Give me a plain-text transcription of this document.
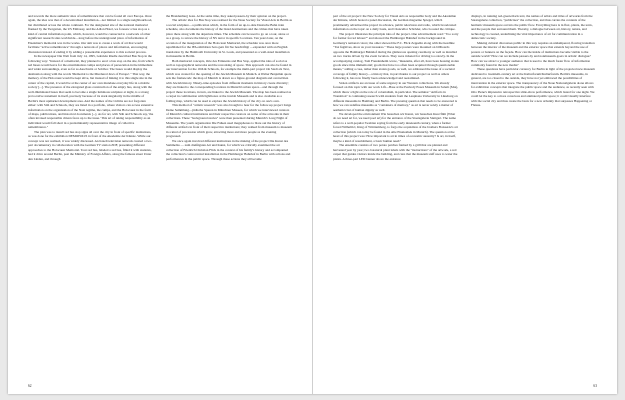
and towards the more authentic sites of remembrance that can be found all over Europe. Once again, the idea was that of a decentralised installation—not limited to a single neighbourhood, but distributed across the whole continent. For the designated site of the national memorial flanked by the Tiergarten, the US Embassy, and the Adlon Hotel, we foresaw a bus stop as a kind of central information point, which, however, would be connected to a network of other significant research sites worldwide—long before the underground place of information of Eisenman's memorial was in the works. Our aim was to create a work of art that would facilitate "active remembrance" through a network of places and information, encouraging discussion instead of ending it by adding a presentable experience to this societal process.

In the newspaper Die Welt from July 14, 1995, Gabriele Riedle described Bus Stop in the following way: "Instead of a memorial, they planned to erect a bus stop on the site, from which red buses would leave for the extermination camps and places of persecution in the immediate and wider surroundings, even as far as Auschwitz or Sobibor. The buses would display the destination along with the words 'Memorial to the Murdered Jews of Europe'." That way, the memory of the Holocaust would be kept alive, but instead of linking it to this single site in the center of the capital, it would be at the center of our own mundane everyday life in a mobile society [...]. The presence of the elongated glass construction of the empty bus, along with the well-illuminated buses that seem to become a single luminous sculpture at night, is a strong provocative statement in itself, precisely because of its stark singularity in the middle of Berlin's most upmarket development area. And the names of the victims are not forgotten either: with Stih and Schnock, they are listed in a portfolio, where visitors can access extensive information on the organisation of the Nazi regime, the camps, and the Holocaust in the form of maps, publications, and historical documents [...]. As for art, with Stih and Schnock say, 'the often invoked responsible citizen faces up to the issue.' This art of taking responsibility as an individual would fall short in a predominantly representative image of collective remembrance."

The plan was to install red bus stop signs all over the city in front of specific institutions, as was done for the exhibition DEMOPOLIS in front of the Akademie der Künste. While our concept was not realised, it was widely discussed. An Israeli television network created a two-part documentary in collaboration with the German TV station ZDF, presenting different approaches to the Holocaust Memorial. Tour red bus, labeled a red bus, filled it with students, had it drive around Berlin, past the Ministry of Foreign Affairs, along the famous street Unter den Linden, and through

the Brandenburg Gate. At the same time, they asked passers-by their opinion on the project.

The artistic idea for Bus Stop was realised for the Neue Society for Visual Arts in Berlin as a social sculpture—a publication which, in the form of an up-to-date Deutsche Bahn train schedule, also documents the history of the listed destinations and the crimes that have taken place there along with the departure times. The schedule can be used to go on a tour, alone or as a group, to retrace the history of NS terror in specific locations. Ten years later, on the occasion of the inauguration of the Holocaust Memorial, the schedule was once more republished for the IFA exhibition Sera gern für Sie beschäftigt —expanded with an English translation by the Humboldt University in St. Louis, and presented as a wall-sized installation in museums in Berlin.

Both memorial concepts, Orte des Erinnerns and Bus Stop, applied the idea of social as well as topographical networks and the reworking of space. This approach can also be found in our intervention for the 16th & Schnock, for example the multi-part project On Stadt als Text, which was created for the opening of the Jewish Museum in Munich. A Walter Benjamin quote sets the framework: the map of Munich is drawn as a figure-ground diagram and overwritten with Jewish history. Ninety-nine episodes from different moments in history create diversity; they are linked to the corresponding locations in Munich's urban space—and through the project these locations, in turn, are linked to the Jewish Museum. The map has been realised as a carpet in combination with lightboxes at the Jewish Museum and is also available as a folding map, which can be used to explore the Jewish history of the city on one's own.

This method of "artistic research" was also brought to bear for the follow-up project Zeige Deine Sammlung—jüdische Spuren in Münchner Museen, for which we interviewed curators of Munich's cultural institutions and their respective curators on some of the artworks in their collections. These "background stories" were then presented during Munich's Long Night of Museums. The youth organisation Die Falken used megaphones to blare out the history of different artifacts in front of their respective institutions; they walked from museum to museum in a kind of procession which grew, attracting more and more people as the evening progressed.

We once again involved different institutions in the making of the project Die Kunst des Sammelns — zum dreißigsten Art und Kunst, for which we critically examined the art collection of Friedrich Christian Flick in the context of his family's history and accompanied the collection's controversial installation in the Hamburger Bahnhof in Berlin with actions and performances in the public space. Through these actions they all became

62

part of the art project: the New Society for Visual Arts as responsible body and the Akademie der Künste, which hosted a panel discussion, the German magazine Spiegel, which prominently advertised the project in advance, public television and radio, which broadcasted information on the topic on a daily basis, and Chancellor Schröder, who boosted the critique.

The project illustrates the principle idea of the project. One advertisement read: "Too sorry for former forced labour?" and showed the Hamburger Bahnhof in the background in Germany's national colors; the other showed the F.C. Flick Zeppelin along with the headline "Tax fugitives, show us your treasures." These large posters were mounted on billboards opposite the Hamburger Bahnhof during the glamorous opening ceremony as well as installed on two trucks driven by the event location. They were ticketed for driving too slowly. In the accompanying catalog, Tom Freudenheim wrote, "museums, after all, have been housing stolen goods since time immemorial; goods that have too often been acquired through questionable means," adding a case, rather than stolen goods, as well, we addressed the issue of a societal coverage of family history—a history that, in part thanks to our project as well as others following it, has now finally been acknowledged and reexamined.

Stolen artifacts are an issue of some urgency in our Western collections. We already focused on this topic with our work Lift—Base at the Peabody Essex Museum in Salem (MA), which threw a light on the role of colonialism, in particular. The seminar "Artifacts in Transition" is continuing research with students from the Leuphana University in Lüneburg on different museums in Hamburg and Berlin. The pressing question that needs to be answered is how we can redefine museums as "containers of memory," as art is never solely a matter of aesthetics but of human dignity as well.

We developed the environment Wie besuchen wir Kunst, wir besuchen Kurz/film (What do we need art for, we need pool art) for the entrance of the Staatsgalerie Stuttgart. The name refers to a well-popular Swabian saying from the early nineteenth century, when a farmer forced Wilhelm I, King of Württemberg, to forgo the acquisition of the brothers Boisserée's art collection (which can today be found in the Alte Pinakothek in Munich). The question at the heart of this project was: How important is art in times of economic austerity? Is art, in itself, maybe a kind of nourishment, a basic human need?

The ensemble consists of two potato patches framed by a grill that are planted and harvested year by year; two botanical plant labels with the "instructions" of the artwork, a red carpet that guides visitors inside the building, and cans that the museum staff uses to water the plants. A three-part LED banner above the entrance

displays, in running red-green-black text, the names of artists and titles of artworks from the Staatsgalerie collection, "publicizes" the collection, and thus carries the contents of the hermetic museum space out into the public flow. Everything here is in flux, plants, the texts, and the people that surround them. Thereby, a dialogue between art, history, nature, and technology is created, underlining the vital importance of art for communication in a democratic society.

Making cultural discourses public in this way requires an unhampered, flowing transition between the interior of the museum and the exterior space that extends beyond the use of posters or banners on the façade. How can the inside of institutions become visible to the outside world? How can we include passers-by and nonmuseum-goers in artistic dialogue? How can we attract a younger audience that is used to the much faster flow of information commonly found in the new media?

These questions have particular currency for Berlin in light of the projected new museum dedicated to twentieth-century art at the Kulturforum/Kulturforum. Berlin's museums, in general, are too closed to the outside, they have not yet embraced the possibilities of intervention in the exterior space. The transparency of the Neue Nationalgalerie alone allows for exhibition concepts that integrate the public space and the audience, as recently seen with Otto Piene's impressive retrospective slide-show performance, which lasted for one night. We could let the key to a more conscious and animated public space; it could visually interfere with the social city and thus create the basis for a new urbanity that surpasses Happening or Fluxus.

63
